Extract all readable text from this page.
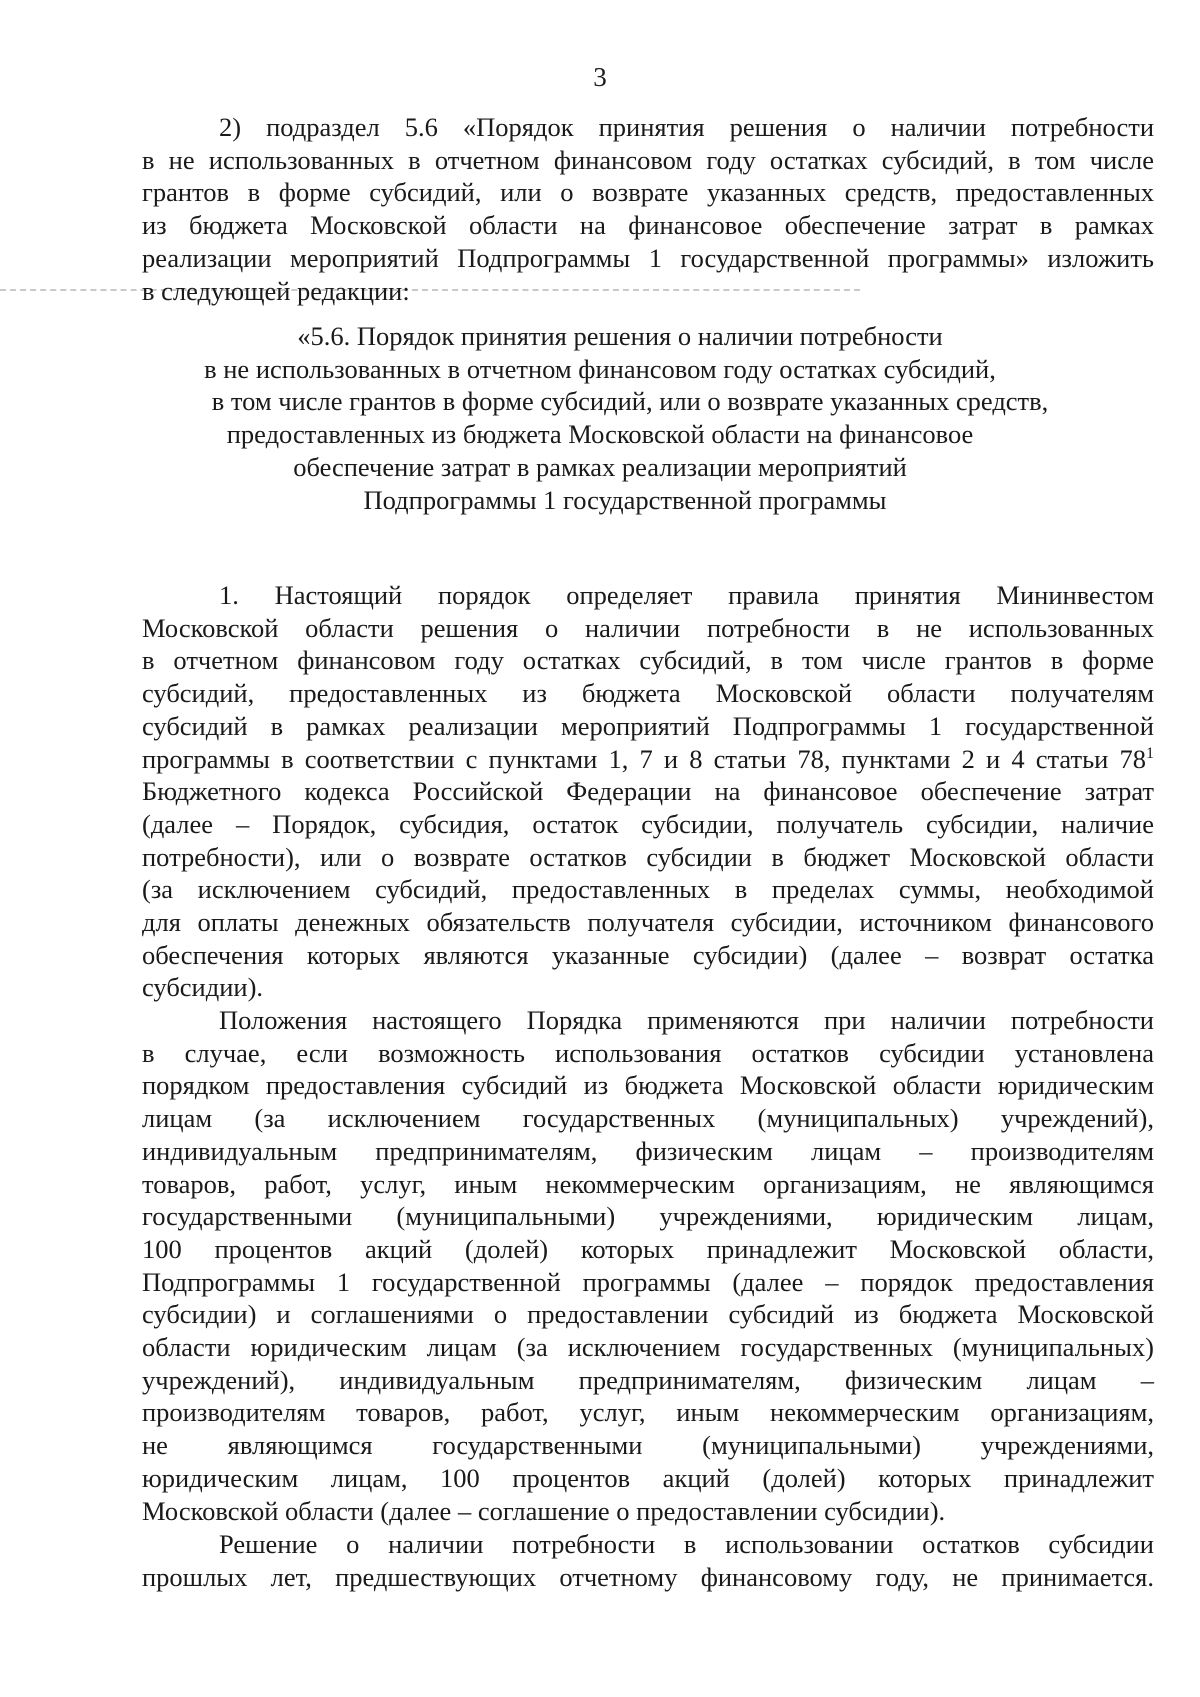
3
2) подраздел 5.6 «Порядок принятия решения о наличии потребности
в не использованных в отчетном финансовом году остатках субсидий, в том числе
грантов в форме субсидий, или о возврате указанных средств, предоставленных
из бюджета Московской области на финансовое обеспечение затрат в рамках
реализации мероприятий Подпрограммы 1 государственной программы» изложить
в следующей редакции:
«5.6. Порядок принятия решения о наличии потребности
в не использованных в отчетном финансовом году остатках субсидий,
в том числе грантов в форме субсидий, или о возврате указанных средств,
предоставленных из бюджета Московской области на финансовое
обеспечение затрат в рамках реализации мероприятий
Подпрограммы 1 государственной программы
1. Настоящий порядок определяет правила принятия Мининвестом
Московской области решения о наличии потребности в не использованных
в отчетном финансовом году остатках субсидий, в том числе грантов в форме
субсидий, предоставленных из бюджета Московской области получателям
субсидий в рамках реализации мероприятий Подпрограммы 1 государственной
программы в соответствии с пунктами 1, 7 и 8 статьи 78, пунктами 2 и 4 статьи $78^1$
Бюджетного кодекса Российской Федерации на финансовое обеспечение затрат
(далее – Порядок, субсидия, остаток субсидии, получатель субсидии, наличие
потребности), или о возврате остатков субсидии в бюджет Московской области
(за исключением субсидий, предоставленных в пределах суммы, необходимой
для оплаты денежных обязательств получателя субсидии, источником финансового
обеспечения которых являются указанные субсидии) (далее – возврат остатка
субсидии).
Положения настоящего Порядка применяются при наличии потребности
в случае, если возможность использования остатков субсидии установлена
порядком предоставления субсидий из бюджета Московской области юридическим
лицам (за исключением государственных (муниципальных) учреждений),
индивидуальным предпринимателям, физическим лицам – производителям
товаров, работ, услуг, иным некоммерческим организациям, не являющимся
государственными (муниципальными) учреждениями, юридическим лицам,
100 процентов акций (долей) которых принадлежит Московской области,
Подпрограммы 1 государственной программы (далее – порядок предоставления
субсидии) и соглашениями о предоставлении субсидий из бюджета Московской
области юридическим лицам (за исключением государственных (муниципальных)
учреждений), индивидуальным предпринимателям, физическим лицам –
производителям товаров, работ, услуг, иным некоммерческим организациям,
не являющимся государственными (муниципальными) учреждениями,
юридическим лицам, 100 процентов акций (долей) которых принадлежит
Московской области (далее – соглашение о предоставлении субсидии).
Решение о наличии потребности в использовании остатков субсидии
прошлых лет, предшествующих отчетному финансовому году, не принимается.
